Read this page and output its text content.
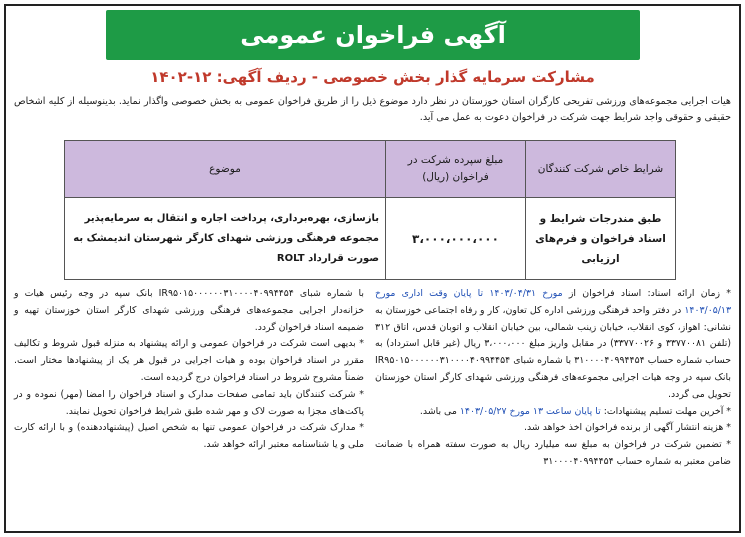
آگهی فراخوان عمومی
مشارکت سرمایه گذار بخش خصوصی - ردیف آگهی: ۱۲-۱۴۰۲
هیات اجرایی مجموعه‌های ورزشی تفریحی کارگران استان خوزستان در نظر دارد موضوع ذیل را از طریق فراخوان عمومی به بخش خصوصی واگذار نماید. بدینوسیله از کلیه اشخاص حقیقی و حقوقی واجد شرایط جهت شرکت در فراخوان دعوت به عمل می آید.
شرایط خاص شرکت کنندگان	مبلغ سپرده شرکت در فراخوان (ریال)	موضوع
طبق مندرجات شرایط و اسناد فراخوان و فرم‌های ارزیابی	۳،۰۰۰،۰۰۰،۰۰۰	بازسازی، بهره‌برداری، پرداخت اجاره و انتقال به سرمایه‌پذیر مجموعه فرهنگی ورزشی شهدای کارگر شهرستان اندیمشک به صورت قرارداد ROLT

* زمان ارائه اسناد: اسناد فراخوان از مورخ ۱۴۰۳/۰۴/۳۱ تا پایان وقت اداری مورخ ۱۴۰۳/۰۵/۱۳ در دفتر واحد فرهنگی ورزشی اداره کل تعاون، کار و رفاه اجتماعی خوزستان به نشانی: اهواز، کوی انقلاب، خیابان زینب شمالی، بین خیابان انقلاب و اتوبان قدس، اتاق ۳۱۲ (تلفن ۳۳۷۷۰۰۸۱ و ۳۳۷۷۰۰۲۶) در مقابل واریز مبلغ ۳،۰۰۰،۰۰۰ ریال (غیر قابل استرداد) به حساب شماره حساب ۳۱۰۰۰۰۴۰۹۹۴۴۵۴ با شماره شبای IR۹۵۰۱۵۰۰۰۰۰۰۳۱۰۰۰۰۴۰۹۹۴۴۵۴ بانک سپه در وجه هیات اجرایی مجموعه‌های فرهنگی ورزشی شهدای کارگر استان خوزستان تحویل می گردد.

* آخرین مهلت تسلیم پیشنهادات: تا پایان ساعت ۱۳ مورخ ۱۴۰۳/۰۵/۲۷ می باشد.

* هزینه انتشار آگهی از برنده فراخوان اخذ خواهد شد.

* تضمین شرکت در فراخوان به مبلغ سه میلیارد ریال به صورت سفته همراه با ضمانت ضامن معتبر به شماره حساب ۳۱۰۰۰۰۴۰۹۹۴۴۵۴

با شماره شبای IR۹۵۰۱۵۰۰۰۰۰۰۳۱۰۰۰۰۴۰۹۹۴۴۵۴ بانک سپه در وجه رئیس هیات و خزانه‌دار اجرایی مجموعه‌های فرهنگی ورزشی شهدای کارگر استان خوزستان تهیه و ضمیمه اسناد فراخوان گردد.

* بدیهی است شرکت در فراخوان عمومی و ارائه پیشنهاد به منزله قبول شروط و تکالیف مقرر در اسناد فراخوان بوده و هیات اجرایی در قبول هر یک از پیشنهادها مختار است. ضمناً مشروح شروط در اسناد فراخوان درج گردیده است.

* شرکت کنندگان باید تمامی صفحات مدارک و اسناد فراخوان را امضا (مهر) نموده و در پاکت‌های مجزا به صورت لاک و مهر شده طبق شرایط فراخوان تحویل نمایند.

* مدارک شرکت در فراخوان عمومی تنها به شخص اصیل (پیشنهاددهنده) و با ارائه کارت ملی و یا شناسنامه معتبر ارائه خواهد شد.
